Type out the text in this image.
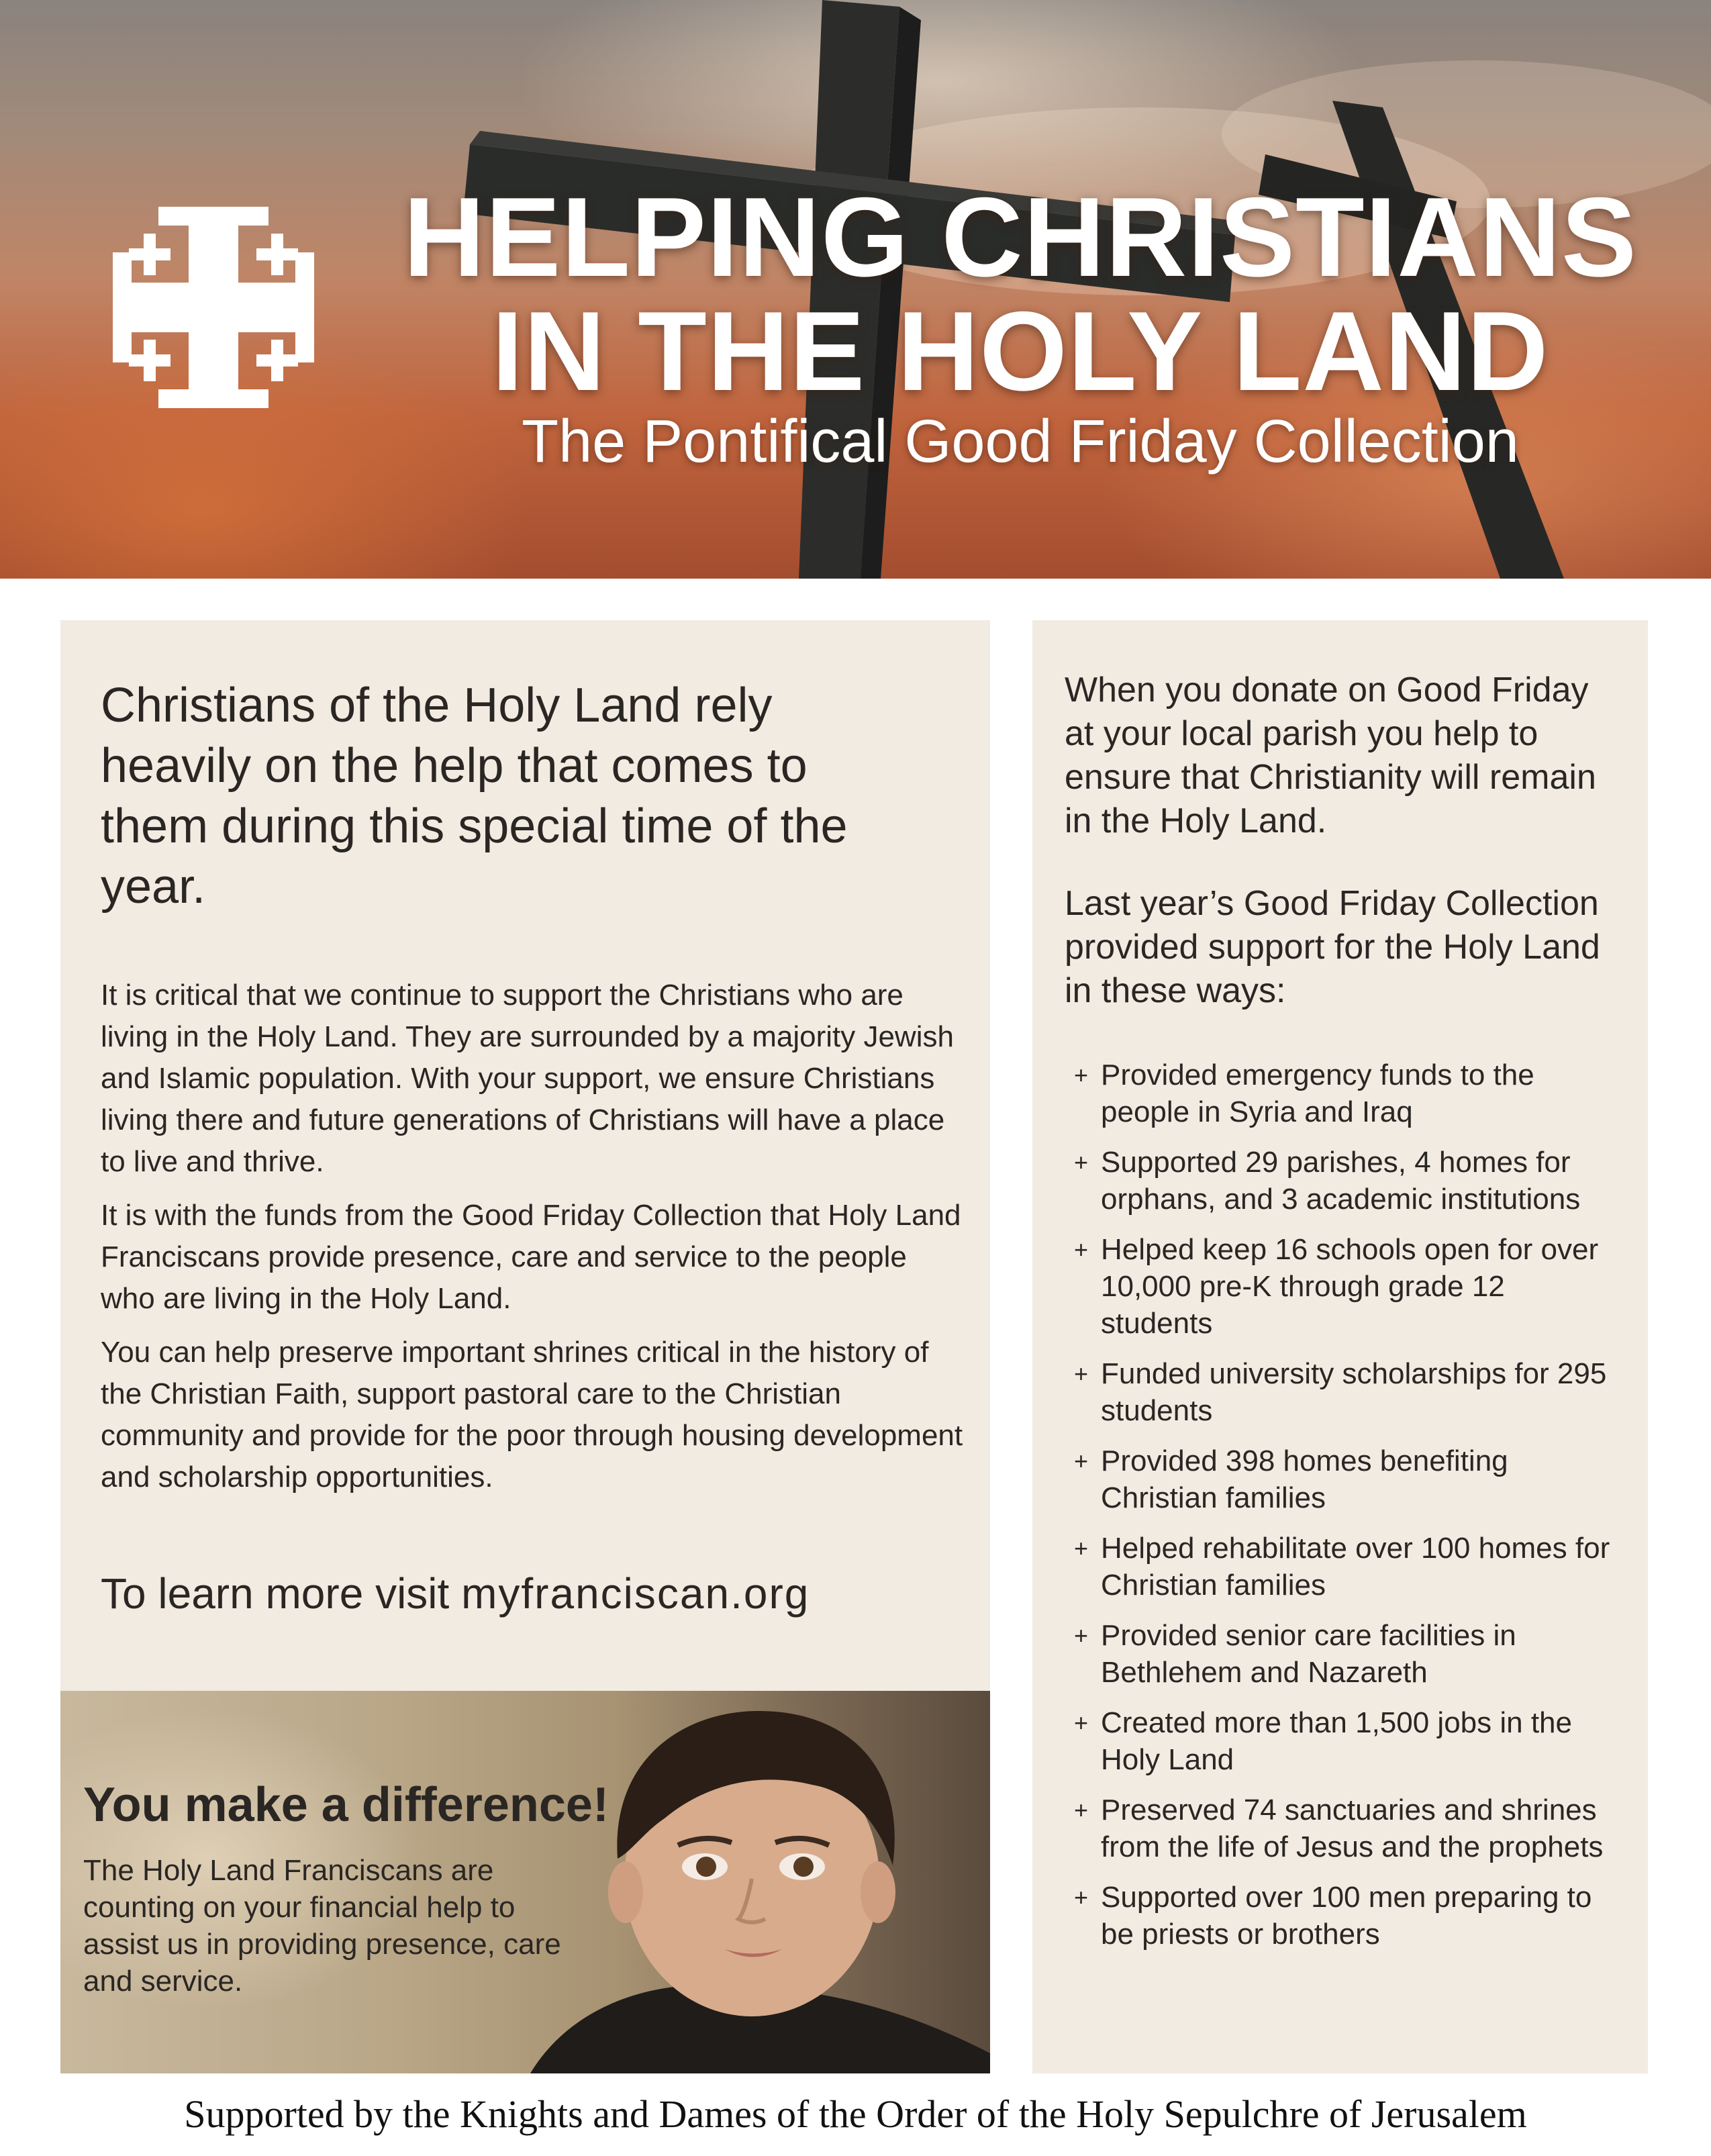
HELPING CHRISTIANS
IN THE HOLY LAND

The Pontifical Good Friday Collection

Christians of the Holy Land rely heavily on the help that comes to them during this special time of the year.

It is critical that we continue to support the Christians who are living in the Holy Land. They are surrounded by a majority Jewish and Islamic population. With your support, we ensure Christians living there and future generations of Christians will have a place to live and thrive.

It is with the funds from the Good Friday Collection that Holy Land Franciscans provide presence, care and service to the people who are living in the Holy Land.

You can help preserve important shrines critical in the history of the Christian Faith, support pastoral care to the Christian community and provide for the poor through housing development and scholarship opportunities.

To learn more visit myfranciscan.org

You make a difference!

The Holy Land Franciscans are counting on your financial help to assist us in providing presence, care and service.

When you donate on Good Friday at your local parish you help to ensure that Christianity will remain in the Holy Land.

Last year’s Good Friday Collection provided support for the Holy Land in these ways:

+ Provided emergency funds to the people in Syria and Iraq
+ Supported 29 parishes, 4 homes for orphans, and 3 academic institutions
+ Helped keep 16 schools open for over 10,000 pre-K through grade 12 students
+ Funded university scholarships for 295 students
+ Provided 398 homes benefiting Christian families
+ Helped rehabilitate over 100 homes for Christian families
+ Provided senior care facilities in Bethlehem and Nazareth
+ Created more than 1,500 jobs in the Holy Land
+ Preserved 74 sanctuaries and shrines from the life of Jesus and the prophets
+ Supported over 100 men preparing to be priests or brothers

Supported by the Knights and Dames of the Order of the Holy Sepulchre of Jerusalem
